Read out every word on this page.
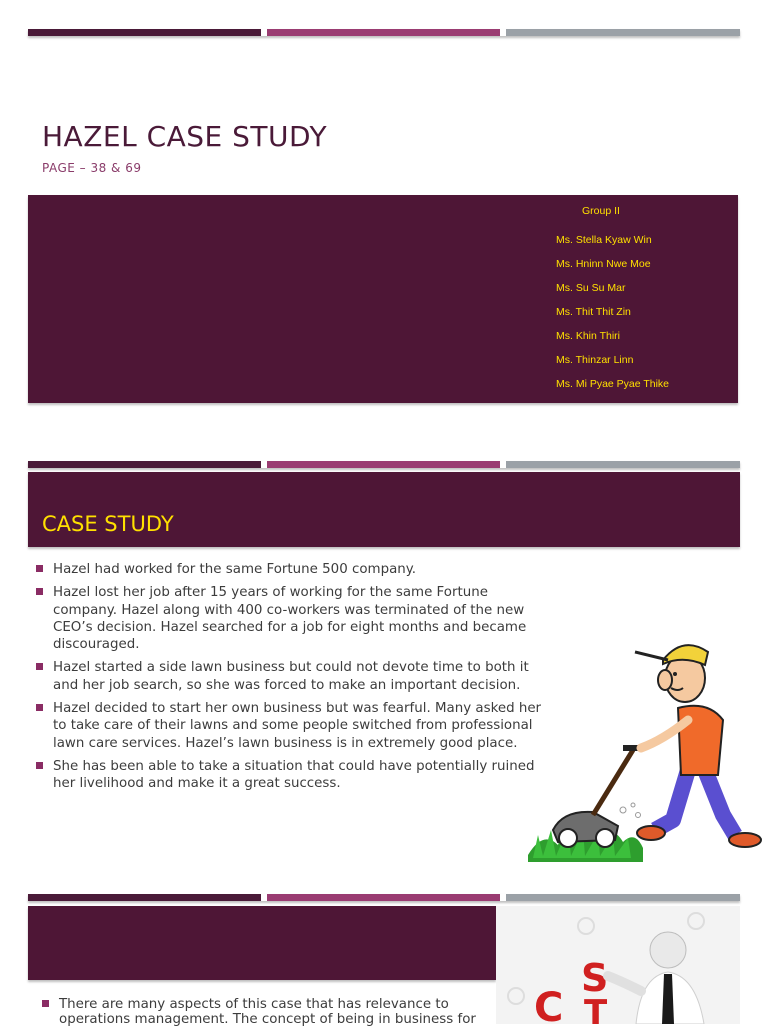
HAZEL CASE STUDY
PAGE – 38 & 69
Group II
Ms. Stella Kyaw Win
Ms. Hninn Nwe Moe
Ms. Su Su Mar
Ms. Thit Thit Zin
Ms. Khin Thiri
Ms. Thinzar Linn
Ms. Mi Pyae Pyae Thike
CASE STUDY
Hazel had worked for the same Fortune 500 company.
Hazel lost her job after 15 years of working for the same Fortune company. Hazel along with 400 co-workers was terminated of the new CEO’s decision. Hazel searched for a job for eight months and became discouraged.
Hazel started a side lawn business but could not devote time to both it and her job search, so she was forced to make an important decision.
Hazel decided to start her own business but was fearful. Many asked her to take care of their lawns and some people switched from professional lawn care services. Hazel’s lawn business is in extremely good place.
She has been able to take a situation that could have potentially ruined her livelihood and make it a great success.
C
S
T
There are many aspects of this case that has relevance to operations management. The concept of being in business for
